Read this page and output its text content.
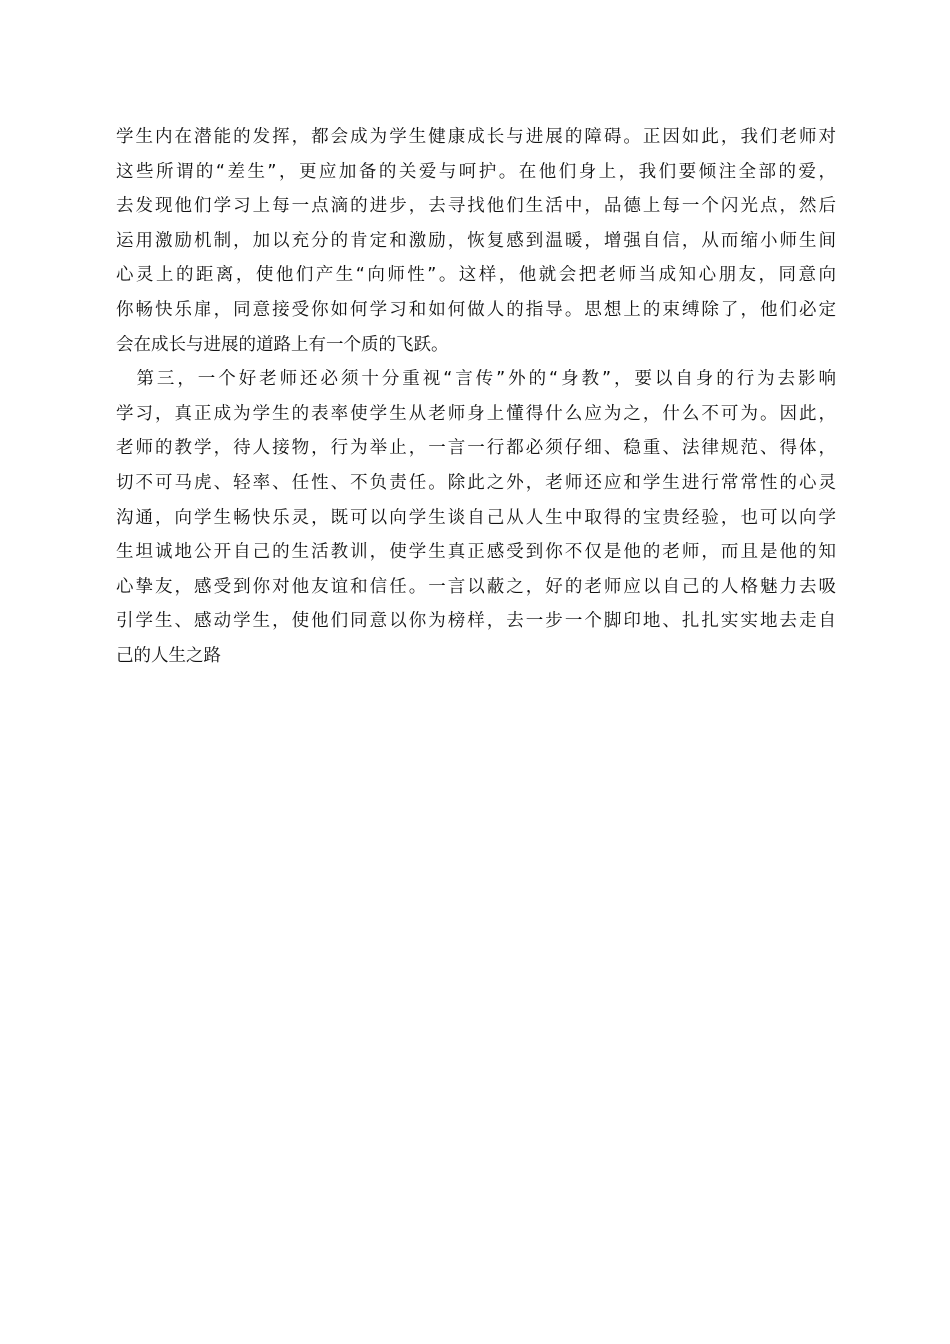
学生内在潜能的发挥，都会成为学生健康成长与进展的障碍。正因如此，我们老师对
这些所谓的“差生”，更应加备的关爱与呵护。在他们身上，我们要倾注全部的爱，
去发现他们学习上每一点滴的进步，去寻找他们生活中，品德上每一个闪光点，然后
运用激励机制，加以充分的肯定和激励，恢复感到温暖，增强自信，从而缩小师生间
心灵上的距离，使他们产生“向师性”。这样，他就会把老师当成知心朋友，同意向
你畅快乐扉，同意接受你如何学习和如何做人的指导。思想上的束缚除了，他们必定
会在成长与进展的道路上有一个质的飞跃。
　第三，一个好老师还必须十分重视“言传”外的“身教”，要以自身的行为去影响
学习，真正成为学生的表率使学生从老师身上懂得什么应为之，什么不可为。因此，
老师的教学，待人接物，行为举止，一言一行都必须仔细、稳重、法律规范、得体，
切不可马虎、轻率、任性、不负责任。除此之外，老师还应和学生进行常常性的心灵
沟通，向学生畅快乐灵，既可以向学生谈自己从人生中取得的宝贵经验，也可以向学
生坦诚地公开自己的生活教训，使学生真正感受到你不仅是他的老师，而且是他的知
心挚友，感受到你对他友谊和信任。一言以蔽之，好的老师应以自己的人格魅力去吸
引学生、感动学生，使他们同意以你为榜样，去一步一个脚印地、扎扎实实地去走自
己的人生之路
